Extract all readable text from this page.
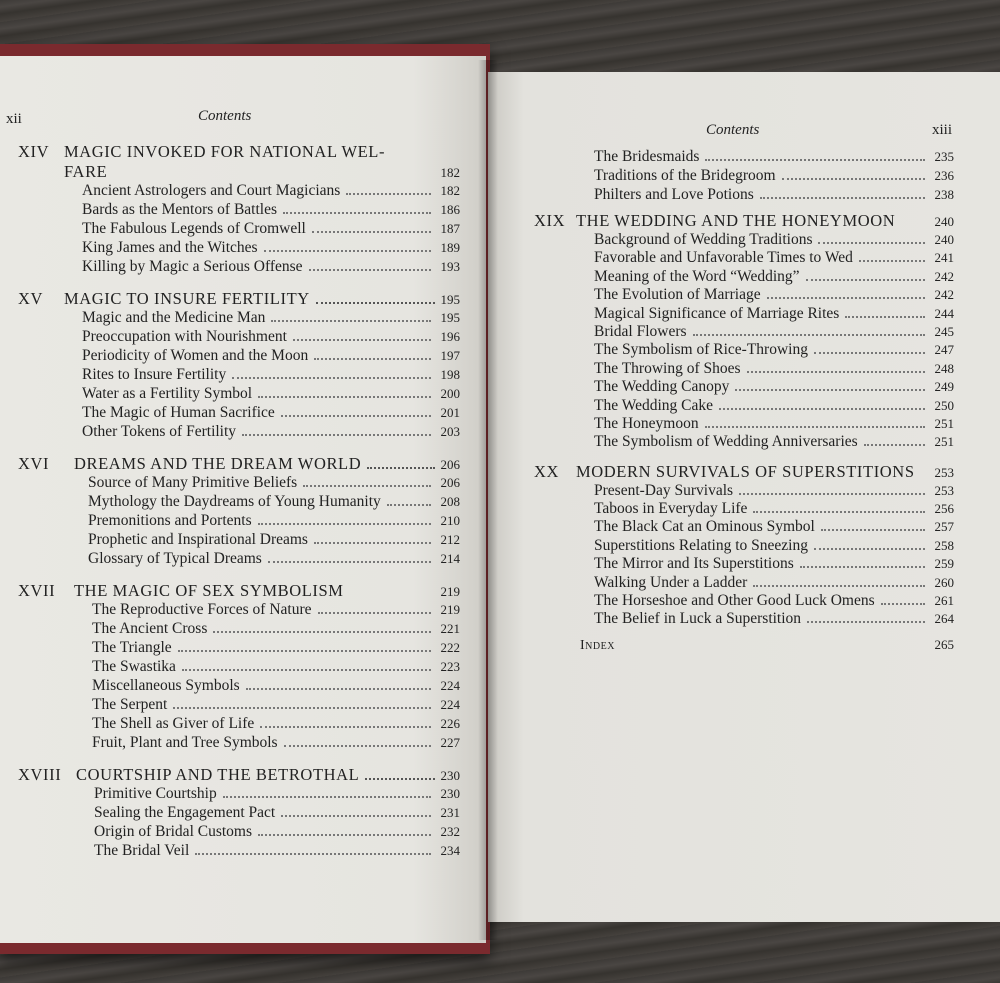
xii	Contents
XIV MAGIC INVOKED FOR NATIONAL WEL-
FARE	182
Ancient Astrologers and Court Magicians	182
Bards as the Mentors of Battles	186
The Fabulous Legends of Cromwell	187
King James and the Witches	189
Killing by Magic a Serious Offense	193
XV	MAGIC TO INSURE FERTILITY	195
Magic and the Medicine Man	195
Preoccupation with Nourishment	196
Periodicity of Women and the Moon	197
Rites to Insure Fertility	198
Water as a Fertility Symbol	200
The Magic of Human Sacrifice	201
Other Tokens of Fertility	203
XVI	DREAMS AND THE DREAM WORLD	206
Source of Many Primitive Beliefs	206
Mythology the Daydreams of Young Humanity	208
Premonitions and Portents	210
Prophetic and Inspirational Dreams	212
Glossary of Typical Dreams	214
XVII	THE MAGIC OF SEX SYMBOLISM	219
The Reproductive Forces of Nature	219
The Ancient Cross	221
The Triangle	222
The Swastika	223
Miscellaneous Symbols	224
The Serpent	224
The Shell as Giver of Life	226
Fruit, Plant and Tree Symbols	227
XVIII COURTSHIP AND THE BETROTHAL	230
Primitive Courtship	230
Sealing the Engagement Pact	231
Origin of Bridal Customs	232
The Bridal Veil	234
Contents	xiii
The Bridesmaids	235
Traditions of the Bridegroom	236
Philters and Love Potions	238
XIX THE WEDDING AND THE HONEYMOON	240
Background of Wedding Traditions	240
Favorable and Unfavorable Times to Wed	241
Meaning of the Word “Wedding”	242
The Evolution of Marriage	242
Magical Significance of Marriage Rites	244
Bridal Flowers	245
The Symbolism of Rice-Throwing	247
The Throwing of Shoes	248
The Wedding Canopy	249
The Wedding Cake	250
The Honeymoon	251
The Symbolism of Wedding Anniversaries	251
XX	MODERN SURVIVALS OF SUPERSTITIONS	253
Present-Day Survivals	253
Taboos in Everyday Life	256
The Black Cat an Ominous Symbol	257
Superstitions Relating to Sneezing	258
The Mirror and Its Superstitions	259
Walking Under a Ladder	260
The Horseshoe and Other Good Luck Omens	261
The Belief in Luck a Superstition	264
Index	265
